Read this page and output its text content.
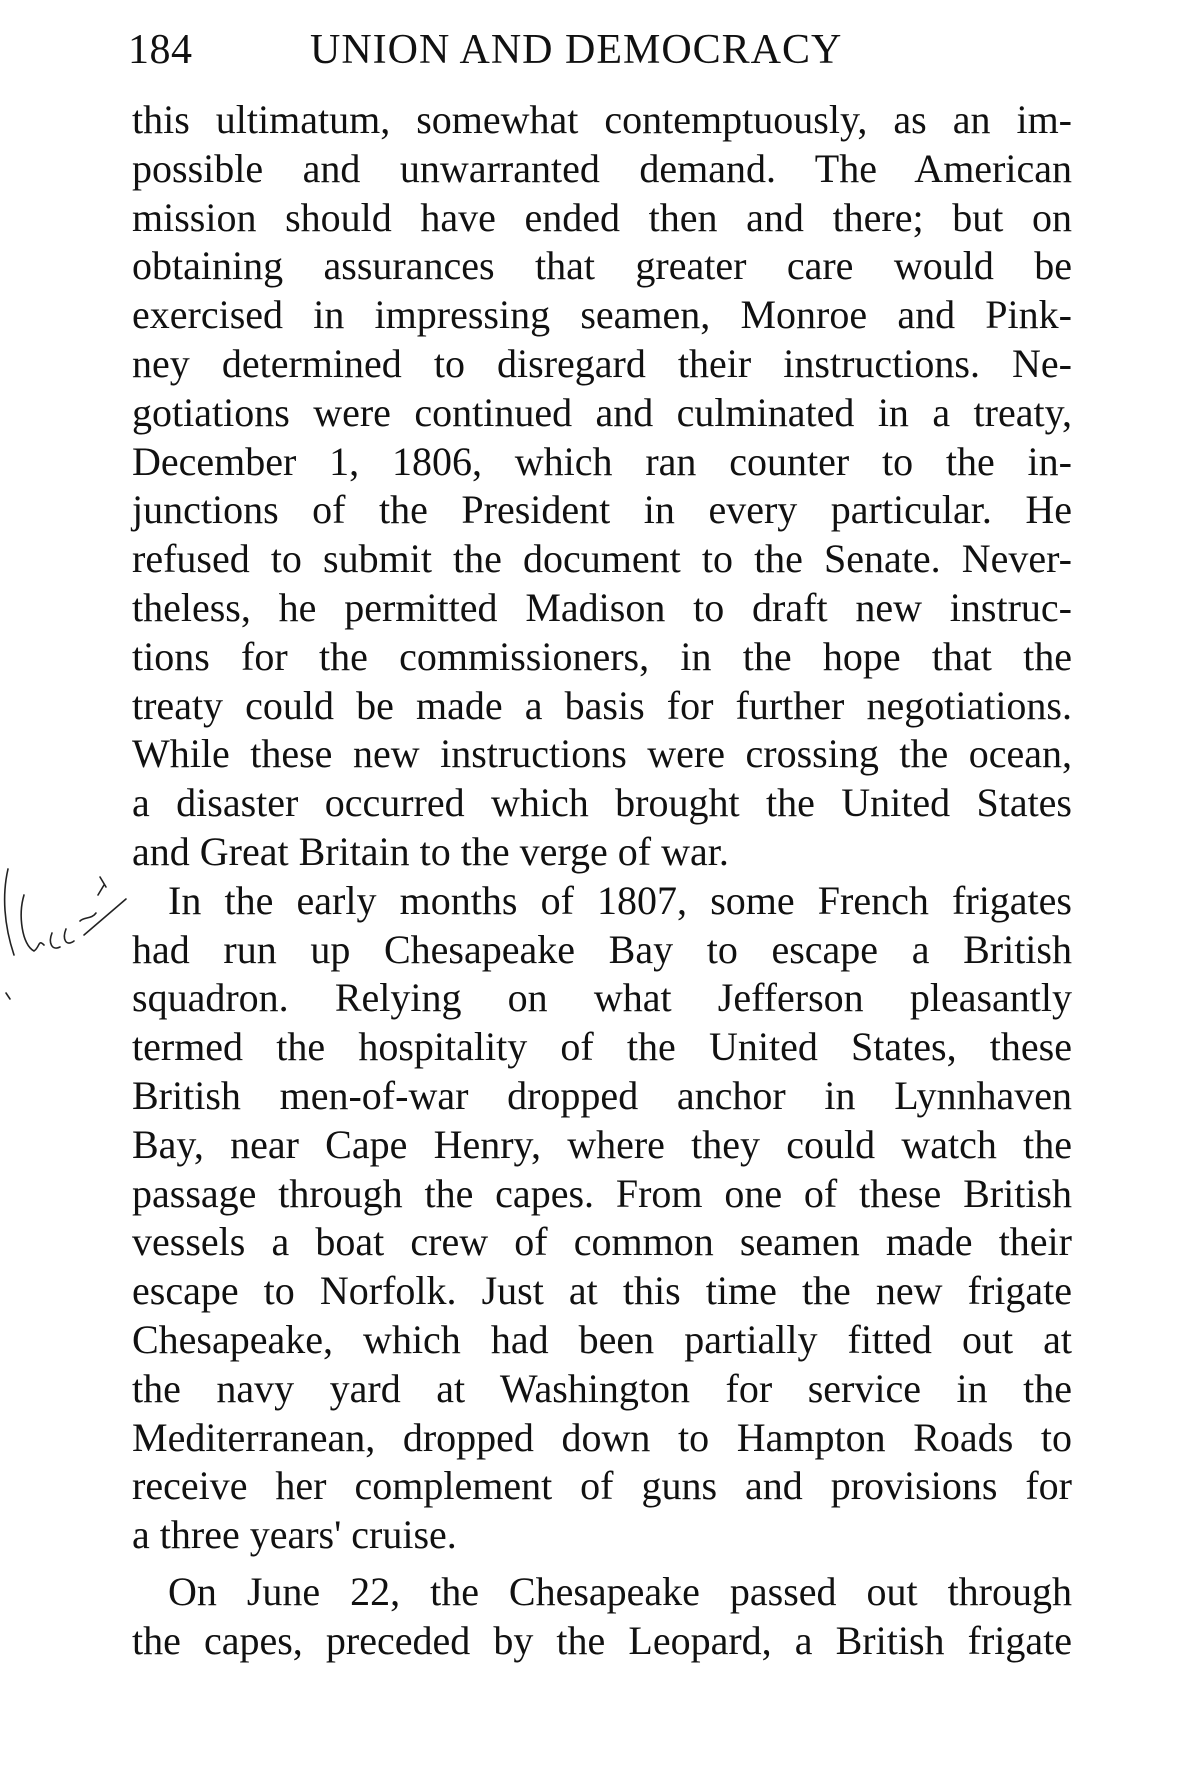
184	UNION AND DEMOCRACY
this ultimatum, somewhat contemptuously, as an im-
possible and unwarranted demand. The American
mission should have ended then and there; but on
obtaining assurances that greater care would be
exercised in impressing seamen, Monroe and Pink-
ney determined to disregard their instructions. Ne-
gotiations were continued and culminated in a treaty,
December 1, 1806, which ran counter to the in-
junctions of the President in every particular. He
refused to submit the document to the Senate. Never-
theless, he permitted Madison to draft new instruc-
tions for the commissioners, in the hope that the
treaty could be made a basis for further negotiations.
While these new instructions were crossing the ocean,
a disaster occurred which brought the United States
and Great Britain to the verge of war.
In the early months of 1807, some French frigates
had run up Chesapeake Bay to escape a British
squadron. Relying on what Jefferson pleasantly
termed the hospitality of the United States, these
British men-of-war dropped anchor in Lynnhaven
Bay, near Cape Henry, where they could watch the
passage through the capes. From one of these British
vessels a boat crew of common seamen made their
escape to Norfolk. Just at this time the new frigate
Chesapeake, which had been partially fitted out at
the navy yard at Washington for service in the
Mediterranean, dropped down to Hampton Roads to
receive her complement of guns and provisions for
a three years' cruise.
On June 22, the Chesapeake passed out through
the capes, preceded by the Leopard, a British frigate
